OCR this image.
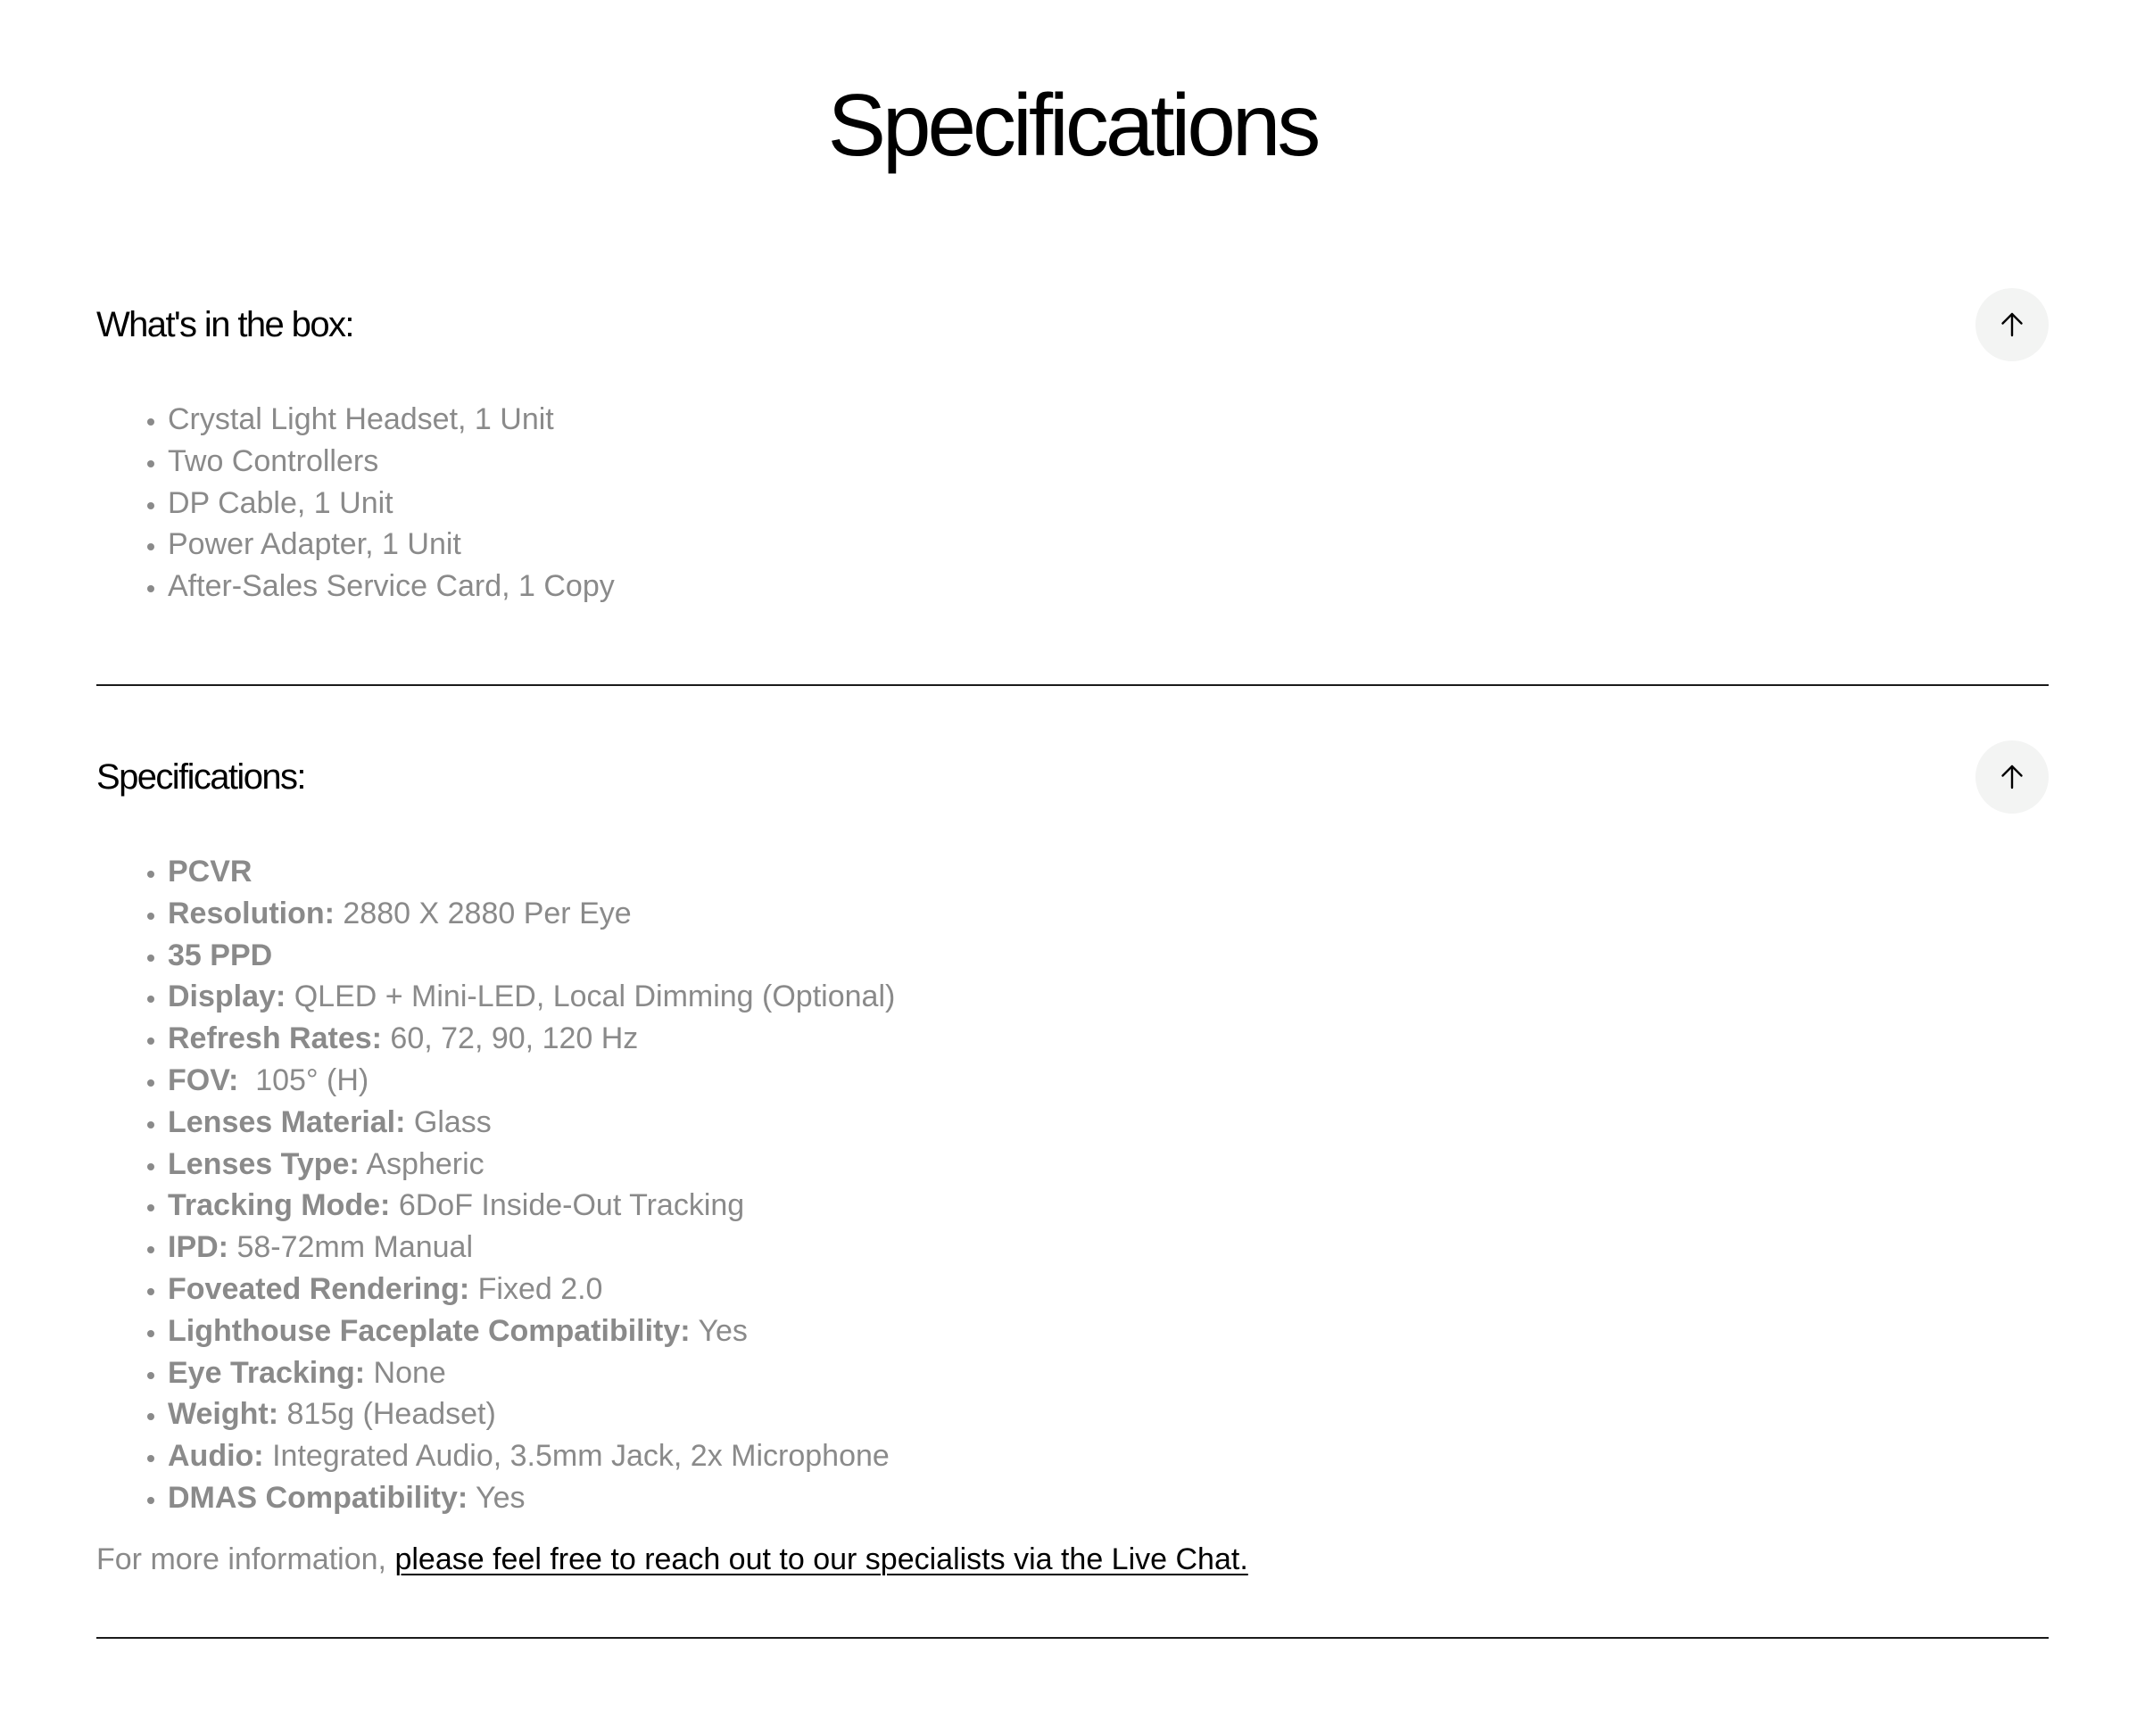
Specifications
What's in the box:
• Crystal Light Headset, 1 Unit
• Two Controllers
• DP Cable, 1 Unit
• Power Adapter, 1 Unit
• After-Sales Service Card, 1 Copy
Specifications:
• PCVR
• Resolution: 2880 X 2880 Per Eye
• 35 PPD
• Display: QLED + Mini-LED, Local Dimming (Optional)
• Refresh Rates: 60, 72, 90, 120 Hz
• FOV:  105° (H)
• Lenses Material: Glass
• Lenses Type: Aspheric
• Tracking Mode: 6DoF Inside-Out Tracking
• IPD: 58-72mm Manual
• Foveated Rendering: Fixed 2.0
• Lighthouse Faceplate Compatibility: Yes
• Eye Tracking: None
• Weight: 815g (Headset)
• Audio: Integrated Audio, 3.5mm Jack, 2x Microphone
• DMAS Compatibility: Yes

For more information, please feel free to reach out to our specialists via the Live Chat.
